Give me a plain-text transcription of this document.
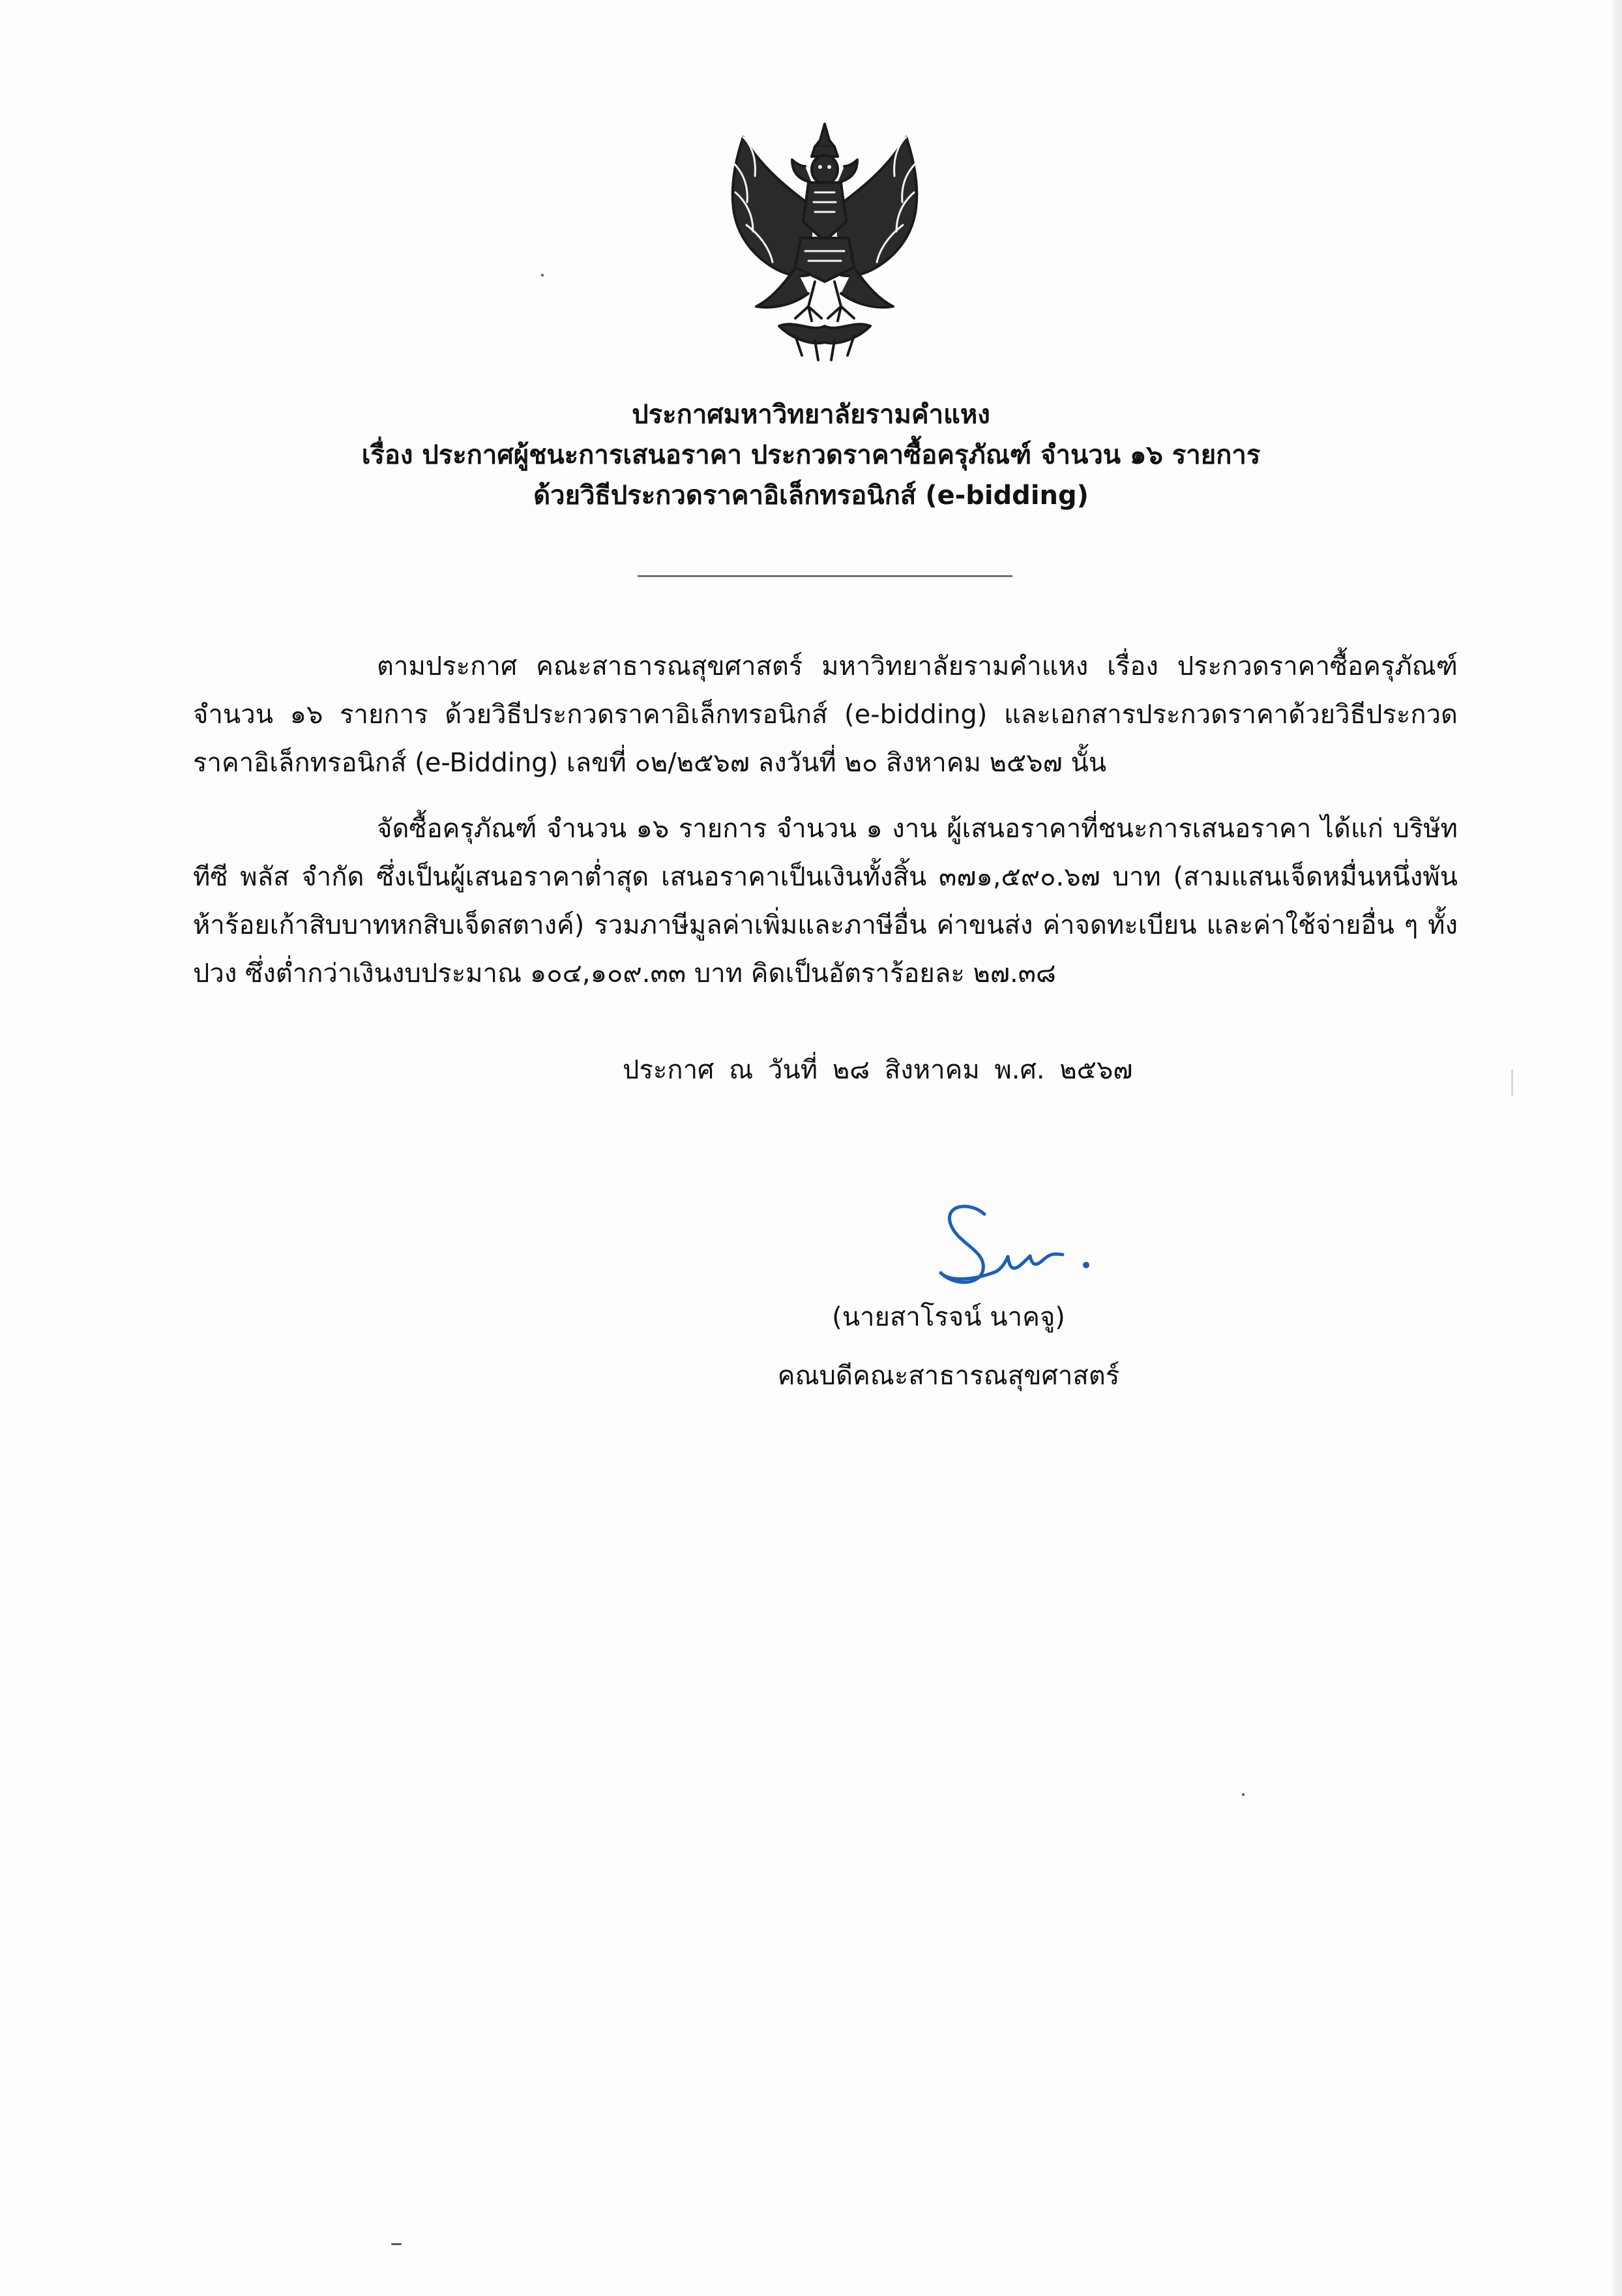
ประกาศมหาวิทยาลัยรามคำแหง
เรื่อง ประกาศผู้ชนะการเสนอราคา ประกวดราคาซื้อครุภัณฑ์ จำนวน ๑๖ รายการ
ด้วยวิธีประกวดราคาอิเล็กทรอนิกส์ (e-bidding)
ตามประกาศ คณะสาธารณสุขศาสตร์ มหาวิทยาลัยรามคำแหง เรื่อง ประกวดราคาซื้อครุภัณฑ์ จำนวน ๑๖ รายการ ด้วยวิธีประกวดราคาอิเล็กทรอนิกส์ (e-bidding) และเอกสารประกวดราคาด้วยวิธีประกวดราคาอิเล็กทรอนิกส์ (e-Bidding) เลขที่ ๐๒/๒๕๖๗ ลงวันที่ ๒๐ สิงหาคม ๒๕๖๗ นั้น
จัดซื้อครุภัณฑ์ จำนวน ๑๖ รายการ จำนวน ๑ งาน ผู้เสนอราคาที่ชนะการเสนอราคา ได้แก่ บริษัท ทีซี พลัส จำกัด ซึ่งเป็นผู้เสนอราคาต่ำสุด เสนอราคาเป็นเงินทั้งสิ้น ๓๗๑,๕๙๐.๖๗ บาท (สามแสนเจ็ดหมื่นหนึ่งพันห้าร้อยเก้าสิบบาทหกสิบเจ็ดสตางค์) รวมภาษีมูลค่าเพิ่มและภาษีอื่น ค่าขนส่ง ค่าจดทะเบียน และค่าใช้จ่ายอื่น ๆ ทั้งปวง ซึ่งต่ำกว่าเงินงบประมาณ ๑๐๔,๑๐๙.๓๓ บาท คิดเป็นอัตราร้อยละ ๒๗.๓๘
ประกาศ ณ วันที่ ๒๘ สิงหาคม พ.ศ. ๒๕๖๗
(นายสาโรจน์ นาคจู)
คณบดีคณะสาธารณสุขศาสตร์
